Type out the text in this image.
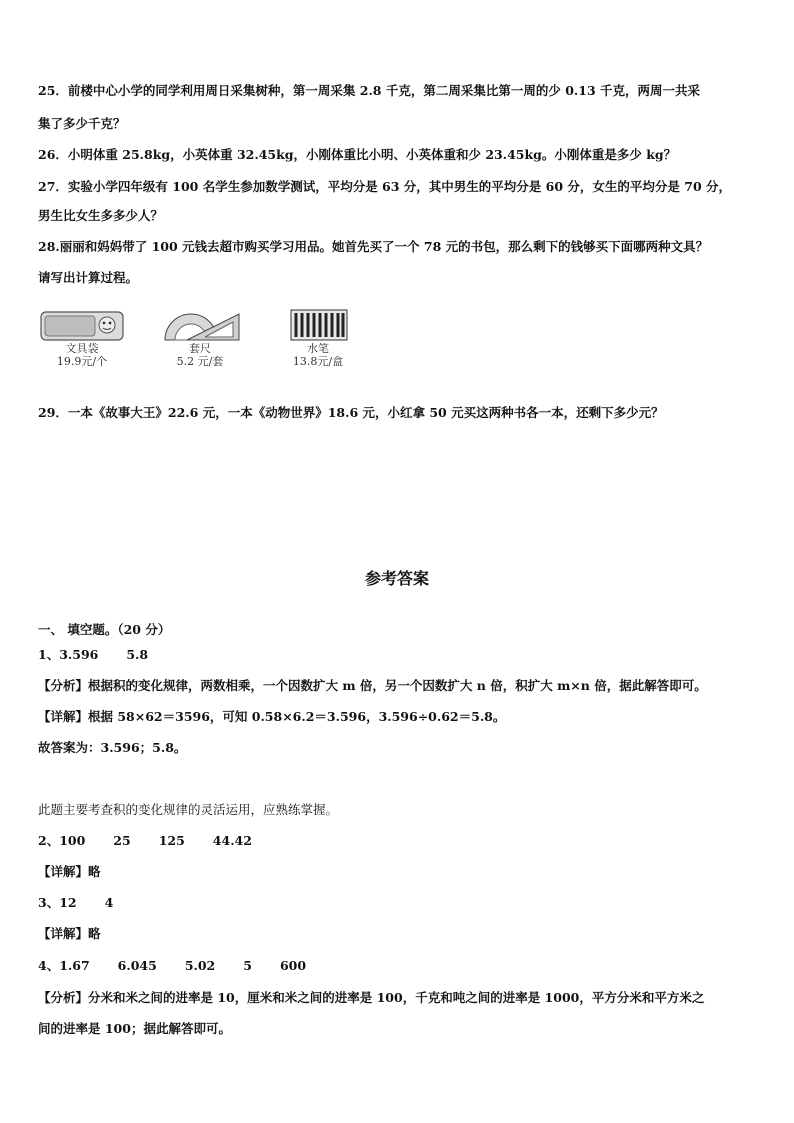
25．前楼中心小学的同学利用周日采集树种，第一周采集 2.8 千克，第二周采集比第一周的少 0.13 千克，两周一共采
集了多少千克？
26．小明体重 25.8kg，小英体重 32.45kg，小刚体重比小明、小英体重和少 23.45kg。小刚体重是多少 kg？
27．实验小学四年级有 100 名学生参加数学测试，平均分是 63 分，其中男生的平均分是 60 分，女生的平均分是 70 分，
男生比女生多多少人？
28.丽丽和妈妈带了 100 元钱去超市购买学习用品。她首先买了一个 78 元的书包，那么剩下的钱够买下面哪两种文具？
请写出计算过程。
文具袋
19.9元/个
套尺
5.2 元/套
水笔
13.8元/盒
29．一本《故事大王》22.6 元，一本《动物世界》18.6 元，小红拿 50 元买这两种书各一本，还剩下多少元？
参考答案
一、 填空题。（20 分）
1、3.596 5.8
【分析】根据积的变化规律，两数相乘，一个因数扩大 m 倍，另一个因数扩大 n 倍，积扩大 m×n 倍，据此解答即可。
【详解】根据 58×62＝3596，可知 0.58×6.2＝3.596，3.596÷0.62＝5.8。
故答案为：3.596；5.8。
此题主要考查积的变化规律的灵活运用，应熟练掌握。
2、100 25 125 44.42
【详解】略
3、12 4
【详解】略
4、1.67 6.045 5.02 5 600
【分析】分米和米之间的进率是 10，厘米和米之间的进率是 100，千克和吨之间的进率是 1000，平方分米和平方米之
间的进率是 100；据此解答即可。
